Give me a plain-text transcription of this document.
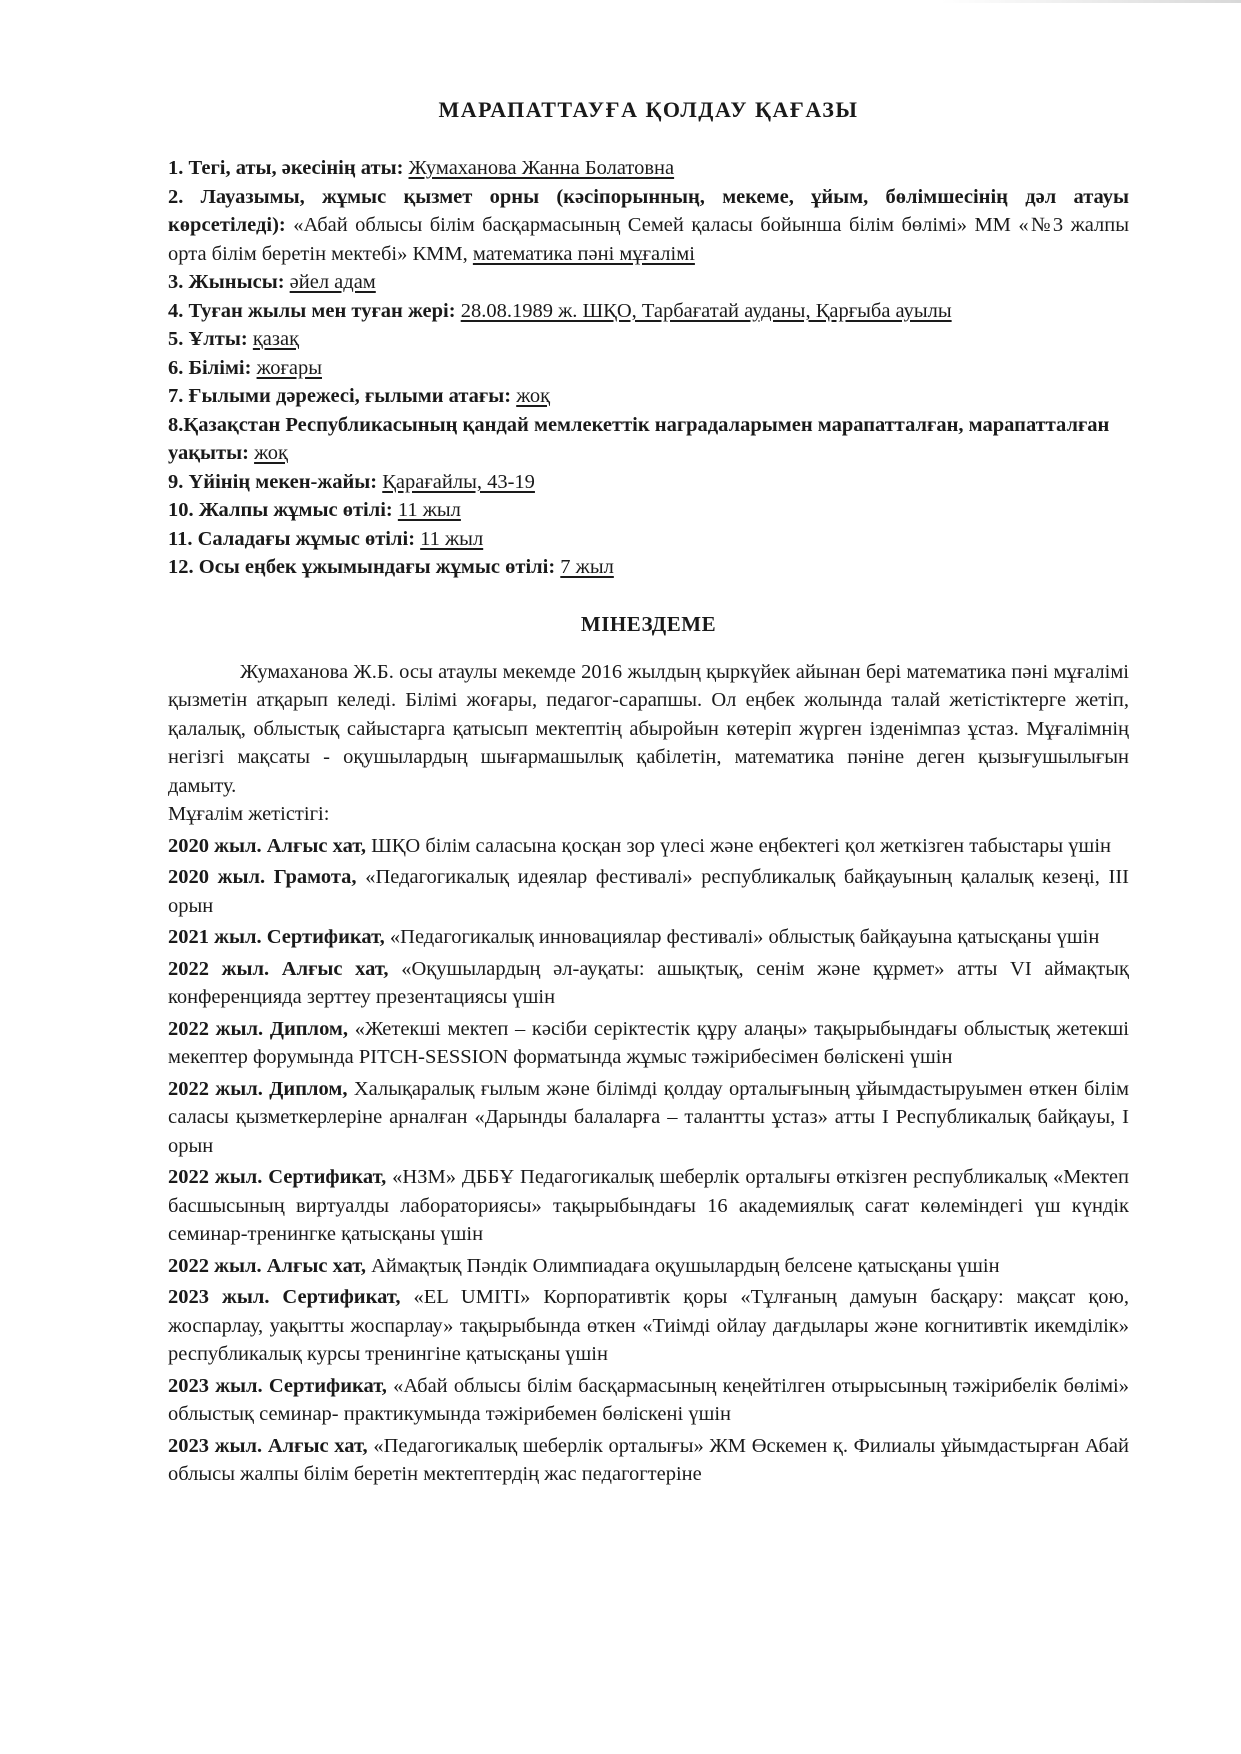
МАРАПАТТАУҒА ҚОЛДАУ ҚАҒАЗЫ

1. Тегі, аты, әкесінің аты: Жумаханова Жанна Болатовна

2. Лауазымы, жұмыс қызмет орны (кәсіпорынның, мекеме, ұйым, бөлімшесінің дәл атауы көрсетіледі): «Абай облысы білім басқармасының Семей қаласы бойынша білім бөлімі» ММ «№3 жалпы орта білім беретін мектебі» КММ, математика пәні мұғалімі

3. Жынысы: әйел адам

4. Туған жылы мен туған жері: 28.08.1989 ж. ШҚО, Тарбағатай ауданы, Қарғыба ауылы

5. Ұлты: қазақ

6. Білімі: жоғары

7. Ғылыми дәрежесі, ғылыми атағы: жоқ

8.Қазақстан Республикасының қандай мемлекеттік наградаларымен марапатталған, марапатталған уақыты: жоқ

9. Үйінің мекен-жайы: Қарағайлы, 43-19

10. Жалпы жұмыс өтілі: 11 жыл

11. Саладағы жұмыс өтілі: 11 жыл

12. Осы еңбек ұжымындағы жұмыс өтілі: 7 жыл

МІНЕЗДЕМЕ

Жумаханова Ж.Б. осы атаулы мекемде 2016 жылдың қыркүйек айынан бері математика пәні мұғалімі қызметін атқарып келеді. Білімі жоғары, педагог-сарапшы. Ол еңбек жолында талай жетістіктерге жетіп, қалалық, облыстық сайыстарга қатысып мектептің абыройын көтеріп жүрген ізденімпаз ұстаз. Мұғалімнің негізгі мақсаты - оқушылардың шығармашылық қабілетін, математика пәніне деген қызығушылығын дамыту.

Мұғалім жетістігі:

2020 жыл. Алғыс хат, ШҚО білім саласына қосқан зор үлесі және еңбектегі қол жеткізген табыстары үшін

2020 жыл. Грамота, «Педагогикалық идеялар фестивалі» республикалық байқауының қалалық кезеңі, III орын

2021 жыл. Сертификат, «Педагогикалық инновациялар фестивалі» облыстық байқауына қатысқаны үшін

2022 жыл. Алғыс хат, «Оқушылардың әл-ауқаты: ашықтық, сенім және құрмет» атты VI аймақтық конференцияда зерттеу презентациясы үшін

2022 жыл. Диплом, «Жетекші мектеп – кәсіби серіктестік құру алаңы» тақырыбындағы облыстық жетекші мекептер форумында PITCH-SESSION форматында жұмыс тәжірибесімен бөліскені үшін

2022 жыл. Диплом, Халықаралық ғылым және білімді қолдау орталығының ұйымдастыруымен өткен білім саласы қызметкерлеріне арналған «Дарынды балаларға – талантты ұстаз» атты I Республикалық байқауы, I орын

2022 жыл. Сертификат, «НЗМ» ДББҰ Педагогикалық шеберлік орталығы өткізген республикалық «Мектеп басшысының виртуалды лабораториясы» тақырыбындағы 16 академиялық сағат көлеміндегі үш күндік семинар-тренингке қатысқаны үшін

2022 жыл. Алғыс хат, Аймақтық Пәндік Олимпиадаға оқушылардың белсене қатысқаны үшін

2023 жыл. Сертификат, «EL UMITI» Корпоративтік қоры «Тұлғаның дамуын басқару: мақсат қою, жоспарлау, уақытты жоспарлау» тақырыбында өткен «Тиімді ойлау дағдылары және когнитивтік икемділік» республикалық курсы тренингіне қатысқаны үшін

2023 жыл. Сертификат, «Абай облысы білім басқармасының кеңейтілген отырысының тәжірибелік бөлімі» облыстық семинар- практикумында тәжірибемен бөліскені үшін

2023 жыл. Алғыс хат, «Педагогикалық шеберлік орталығы» ЖМ Өскемен қ. Филиалы ұйымдастырған Абай облысы жалпы білім беретін мектептердің жас педагогтеріне
